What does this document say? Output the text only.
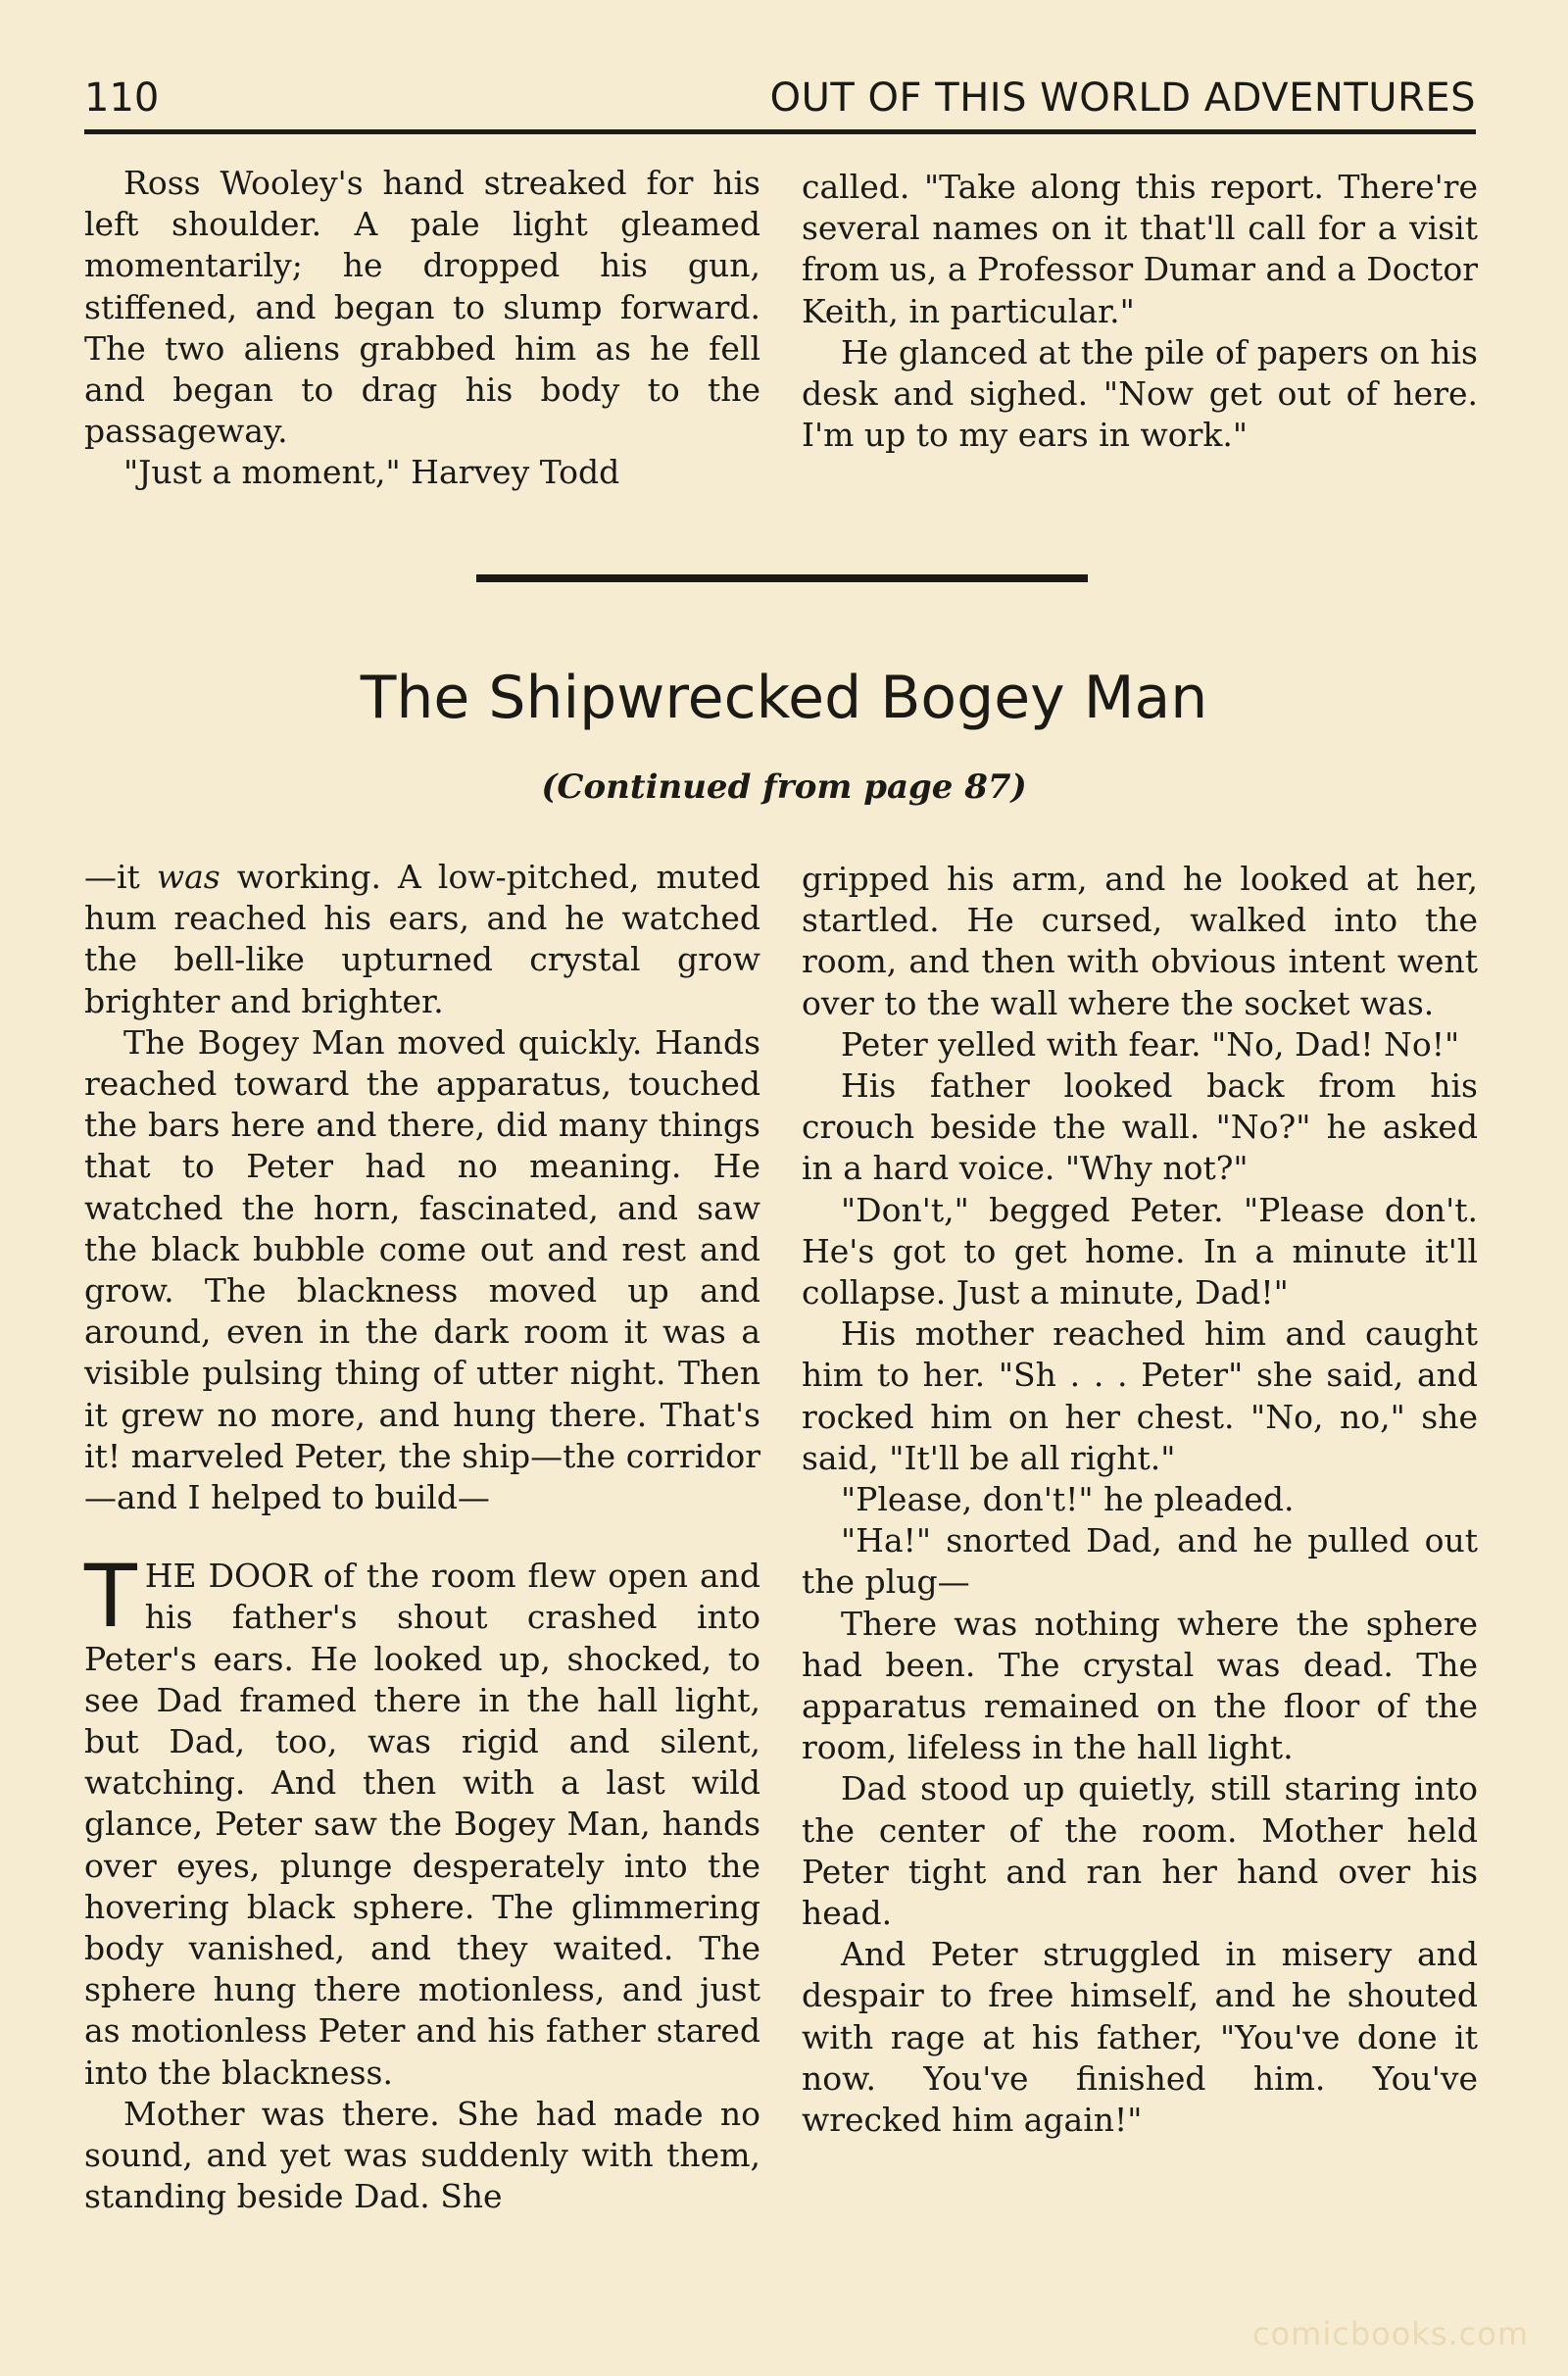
110	OUT OF THIS WORLD ADVENTURES

Ross Wooley's hand streaked for his left shoulder. A pale light gleamed momentarily; he dropped his gun, stiffened, and began to slump forward. The two aliens grabbed him as he fell and began to drag his body to the passageway.

"Just a moment," Harvey Todd

called. "Take along this report. There're several names on it that'll call for a visit from us, a Professor Dumar and a Doctor Keith, in particular."

He glanced at the pile of papers on his desk and sighed. "Now get out of here. I'm up to my ears in work."

The Shipwrecked Bogey Man
(Continued from page 87)

—it was working. A low-pitched, muted hum reached his ears, and he watched the bell-like upturned crystal grow brighter and brighter.

The Bogey Man moved quickly. Hands reached toward the apparatus, touched the bars here and there, did many things that to Peter had no meaning. He watched the horn, fascinated, and saw the black bubble come out and rest and grow. The blackness moved up and around, even in the dark room it was a visible pulsing thing of utter night. Then it grew no more, and hung there. That's it! marveled Peter, the ship—the corridor—and I helped to build—

THE DOOR of the room flew open and his father's shout crashed into Peter's ears. He looked up, shocked, to see Dad framed there in the hall light, but Dad, too, was rigid and silent, watching. And then with a last wild glance, Peter saw the Bogey Man, hands over eyes, plunge desperately into the hovering black sphere. The glimmering body vanished, and they waited. The sphere hung there motionless, and just as motionless Peter and his father stared into the blackness.

Mother was there. She had made no sound, and yet was suddenly with them, standing beside Dad. She

gripped his arm, and he looked at her, startled. He cursed, walked into the room, and then with obvious intent went over to the wall where the socket was.

Peter yelled with fear. "No, Dad! No!"

His father looked back from his crouch beside the wall. "No?" he asked in a hard voice. "Why not?"

"Don't," begged Peter. "Please don't. He's got to get home. In a minute it'll collapse. Just a minute, Dad!"

His mother reached him and caught him to her. "Sh . . . Peter" she said, and rocked him on her chest. "No, no," she said, "It'll be all right."

"Please, don't!" he pleaded.

"Ha!" snorted Dad, and he pulled out the plug—

There was nothing where the sphere had been. The crystal was dead. The apparatus remained on the floor of the room, lifeless in the hall light.

Dad stood up quietly, still staring into the center of the room. Mother held Peter tight and ran her hand over his head.

And Peter struggled in misery and despair to free himself, and he shouted with rage at his father, "You've done it now. You've finished him. You've wrecked him again!"

comicbooks.com
